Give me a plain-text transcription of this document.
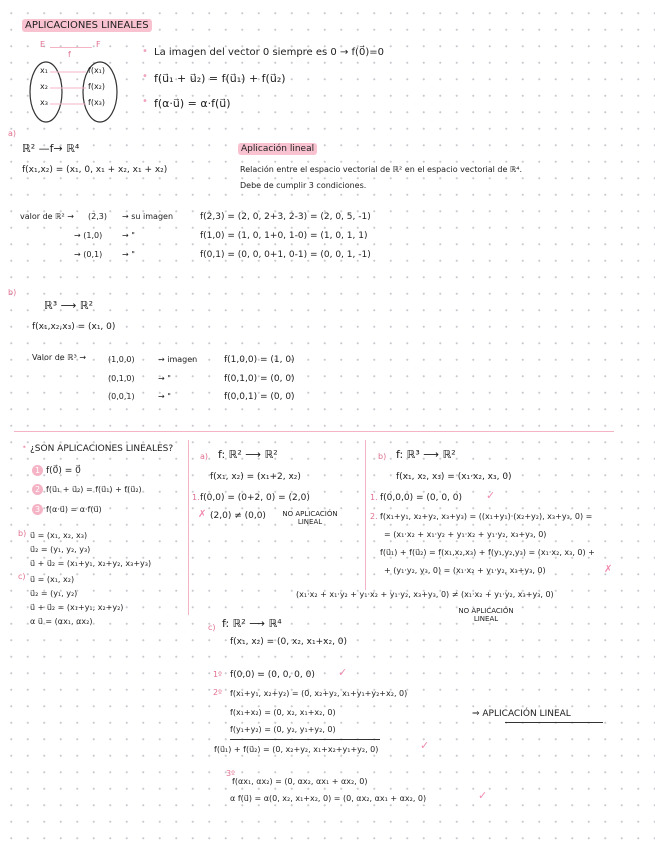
APLICACIONES LINEALES
E	F
f
x₁
x₂
x₃
f(x₁)
f(x₂)
f(x₃)
• La imagen del vector 0 siempre es 0 → f(0⃗)=0
• f(u⃗₁ + u⃗₂) = f(u⃗₁) + f(u⃗₂)
• f(α·u⃗) = α·f(u⃗)
a)
ℝ² —f→ ℝ⁴
f(x₁,x₂) = (x₁, 0, x₁ + x₂, x₁ + x₂)
Aplicación lineal
Relación entre el espacio vectorial de ℝ² en el espacio vectorial de ℝ⁴.
Debe de cumplir 3 condiciones.
valor de ℝ² → (2,3) → su imagen	f(2,3) = (2, 0, 2+3, 2-3) = (2, 0, 5, -1)
→ (1,0) → "	f(1,0) = (1, 0, 1+0, 1-0) = (1, 0, 1, 1)
→ (0,1) → "	f(0,1) = (0, 0, 0+1, 0-1) = (0, 0, 1, -1)
b)
ℝ³ ⟶ ℝ²
f(x₁,x₂,x₃) = (x₁, 0)
Valor de ℝ³ →	(1,0,0)	→ imagen	f(1,0,0) = (1, 0)
(0,1,0)	→ "	f(0,1,0) = (0, 0)
(0,0,1)	→ "	f(0,0,1) = (0, 0)
• ¿SON APLICACIONES LINEALES?
1 f(0⃗) = 0⃗
2 f(u⃗₁ + u⃗₂) = f(u⃗₁) + f(u⃗₂)
3 f(α·u⃗) = α·f(u⃗)
b) u⃗ = (x₁, x₂, x₃)
u⃗₂ = (y₁, y₂, y₃)
u⃗ + u⃗₂ = (x₁+y₁, x₂+y₂, x₃+y₃)
c) u⃗ = (x₁, x₂)
u⃗₂ = (y₁, y₂)
u⃗ + u⃗₂ = (x₁+y₁, x₂+y₂)
α u⃗ = (αx₁, αx₂)
a) f: ℝ² ⟶ ℝ²
f(x₁, x₂) = (x₁+2, x₂)
1. f(0,0) = (0+2, 0) = (2,0)
✗ (2,0) ≠ (0,0) NO APLICACIÓN LINEAL
b) f: ℝ³ ⟶ ℝ²
f(x₁, x₂, x₃) = (x₁·x₂, x₃, 0)
1. f(0,0,0) = (0, 0, 0) ✓
2. f(x₁+y₁, x₂+y₂, x₃+y₃) = ((x₁+y₁)·(x₂+y₂), x₃+y₃, 0) =
= (x₁·x₂ + x₁·y₂ + y₁·x₂ + y₁·y₂, x₃+y₃, 0)
f(u⃗₁) + f(u⃗₂) = f(x₁,x₂,x₃) + f(y₁,y₂,y₃) = (x₁·x₂, x₃, 0) +
+ (y₁·y₂, y₃, 0) = (x₁·x₂ + y₁·y₂, x₃+y₃, 0)	✗
(x₁·x₂ + x₁·y₂ + y₁·x₂ + y₁·y₂, x₃+y₃, 0) ≠ (x₁·x₂ + y₁·y₂, x₃+y₃, 0)
NO APLICACIÓN LINEAL
c) f: ℝ² ⟶ ℝ⁴
f(x₁, x₂) = (0, x₂, x₁+x₂, 0)
1º f(0,0) = (0, 0, 0, 0) ✓
2º f(x₁+y₁, x₂+y₂) = (0, x₂+y₂, x₁+y₁+y₂+x₂, 0)
f(x₁+x₂) = (0, x₂, x₁+x₂, 0)
f(y₁+y₂) = (0, y₂, y₁+y₂, 0)
f(u⃗₁) + f(u⃗₂) = (0, x₂+y₂, x₁+x₂+y₁+y₂, 0)	✓
⇒ APLICACIÓN LINEAL
3º
f(αx₁, αx₂) = (0, αx₂, αx₁ + αx₂, 0)
α f(u⃗) = α(0, x₂, x₁+x₂, 0) = (0, αx₂, αx₁ + αx₂, 0)	✓
